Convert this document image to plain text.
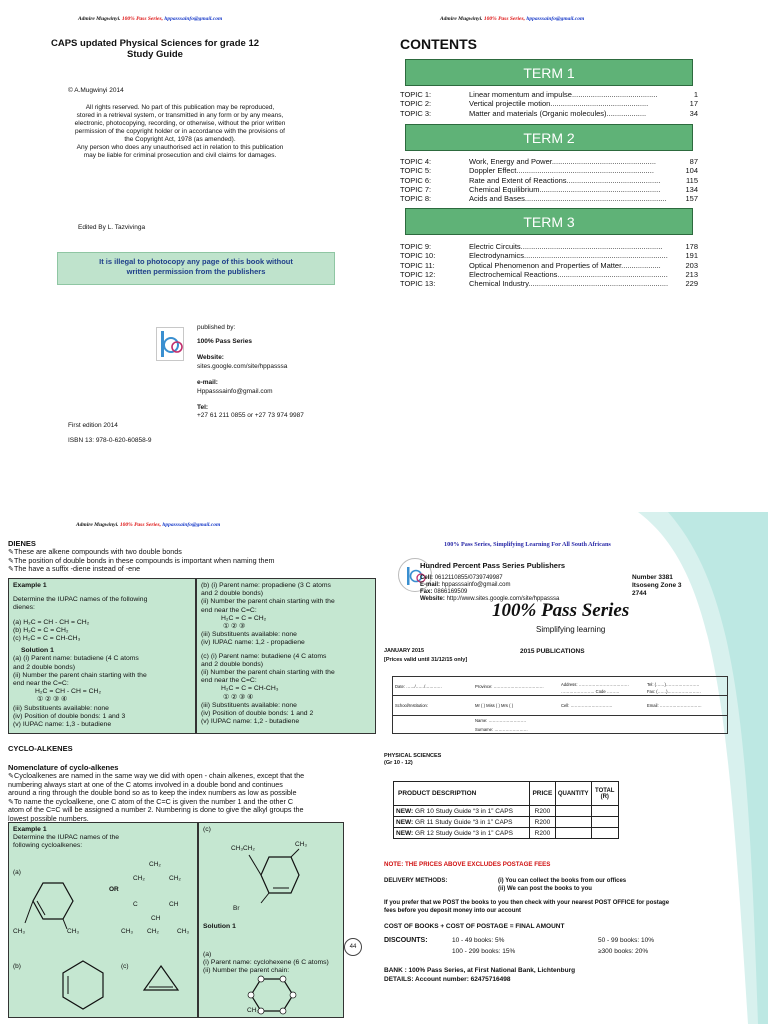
Admire Mugwinyi. 100% Pass Series, hppasssainfo@gmail.com
CAPS updated Physical Sciences for grade 12
Study Guide
© A.Mugwinyi 2014
All rights reserved. No part of this publication may be reproduced,
stored in a retrieval system, or transmitted in any form or by any means,
electronic, photocopying, recording, or otherwise, without the prior written
permission of the copyright holder or in accordance with the provisions of
the Copyright Act, 1978 (as amended).
Any person who does any unauthorised act in relation to this publication
may be liable for criminal prosecution and civil claims for damages.
Edited By L. Tazvivinga
It is illegal to photocopy any page of this book without
written permission from the publishers
published by:
100% Pass Series
Website:
sites.google.com/site/hppasssa
e-mail:
Hppasssainfo@gmail.com
Tel:
+27 61 211 0855 or +27 73 974 9987
First edition 2014
ISBN 13: 978-0-620-60858-9
Admire Mugwinyi. 100% Pass Series, hppasssainfo@gmail.com
CONTENTS
TERM 1
TOPIC 1:	Linear momentum and impulse.........................................	1
TOPIC 2:	Vertical projectile motion...............................................	17
TOPIC 3:	Matter and materials (Organic molecules)...................	34
TERM 2
TOPIC 4:	Work, Energy and Power..................................................	87
TOPIC 5:	Doppler Effect..................................................................	104
TOPIC 6:	Rate and Extent of Reactions.............................................	115
TOPIC 7:	Chemical Equilibrium..........................................................	134
TOPIC 8:	Acids and Bases....................................................................	157
TERM 3
TOPIC 9:	Electric Circuits....................................................................	178
TOPIC 10:	Electrodynamics.....................................................................	191
TOPIC 11:	Optical Phenomenon and Properties of Matter...................	203
TOPIC 12:	Electrochemical Reactions.....................................................	213
TOPIC 13:	Chemical Industry...................................................................	229
Admire Mugwinyi. 100% Pass Series, hppasssainfo@gmail.com
DIENES
✎These are alkene compounds with two double bonds
✎The position of double bonds in these compounds is important when naming them
✎The have a suffix -diene instead of -ene
Example 1
Determine the IUPAC names of the following
dienes:
(a) H₂C = CH - CH = CH₂
(b) H₂C = C = CH₂
(c) H₂C = C = CH-CH₃
Solution 1
(a) (i) Parent name: butadiene (4 C atoms
and 2 double bonds)
(ii) Number the parent chain starting with the
end near the C=C:
H₂C = CH - CH = CH₂
① ② ③ ④
(iii) Substituents available: none
(iv) Position of double bonds: 1 and 3
(v) IUPAC name: 1,3 - butadiene
(b) (i) Parent name: propadiene (3 C atoms
and 2 double bonds)
(ii) Number the parent chain starting with the
end near the C=C:
H₂C = C = CH₂
① ② ③
(iii) Substituents available: none
(iv) IUPAC name: 1,2 - propadiene
(c) (i) Parent name: butadiene (4 C atoms
and 2 double bonds)
(ii) Number the parent chain starting with the
end near the C=C:
H₂C = C = CH-CH₃
① ② ③ ④
(iii) Substituents available: none
(iv) Position of double bonds: 1 and 2
(v) IUPAC name: 1,2 - butadiene
CYCLO-ALKENES
Nomenclature of cyclo-alkenes
✎Cycloalkenes are named in the same way we did with open - chain alkenes, except that the
numbering always start at one of the C atoms involved in a double bond and continues
around a ring through the double bond so as to keep the index numbers as low as possible
✎To name the cycloalkene, one C atom of the C=C is given the number 1 and the other C
atom of the C=C will be assigned a number 2. Numbering is done to give the alkyl groups the
lowest possible numbers.
Example 1
Determine the IUPAC names of the
following cycloalkenes:
(a)
CH₃	CH₃
OR
CH₂
CH₂	CH₂
C	CH
CH
CH₃ CH₂	CH₃
(b)	(c)
(c)
CH₃CH₂
CH₃
Br
Solution 1
(a)
(i) Parent name: cyclohexene (6 C atoms)
(ii) Number the parent chain:
CH₃
44
100% Pass Series, Simplifying Learning For All South Africans
Hundred Percent Pass Series Publishers
Cell: 0612110855/0739749987
E-mail: hppasssainfo@gmail.com
Fax: 0866169509
Website: http://www.sites.google.com/site/hppasssa
Number 3381
Itsoseng Zone 3
2744
100% Pass Series
Simplifying learning
JANUARY 2015
[Prices valid until 31/12/15 only]
2015 PUBLICATIONS
Date: ……/……/…………	Province: ………………………………	Address: ………………………………
…………………… Code ………
Tel: (……)……………………
Fax: (……)……………………
School/Institution:	Mr ( ) Miss ( ) Mrs ( )	Cell: …………………………	Email: …………………………
Name: ………………………
Surname: ……………………
PHYSICAL SCIENCES
(Gr 10 - 12)
PRODUCT DESCRIPTION	PRICE	QUANTITY	TOTAL (R)
NEW: GR 10 Study Guide “3 in 1” CAPS	R200		
NEW: GR 11 Study Guide “3 in 1” CAPS	R200		
NEW: GR 12 Study Guide “3 in 1” CAPS	R200		
NOTE: THE PRICES ABOVE EXCLUDES POSTAGE FEES
DELIVERY METHODS:	(i) You can collect the books from our offices
(ii) We can post the books to you
If you prefer that we POST the books to you then check with your nearest POST OFFICE for postage
fees before you deposit money into our account
COST OF BOOKS + COST OF POSTAGE = FINAL AMOUNT
DISCOUNTS:	10 - 49 books: 5%
100 - 299 books: 15%
50 - 99 books: 10%
≥300 books: 20%
BANK : 100% Pass Series, at First National Bank, Lichtenburg
DETAILS: Account number: 62475716498
